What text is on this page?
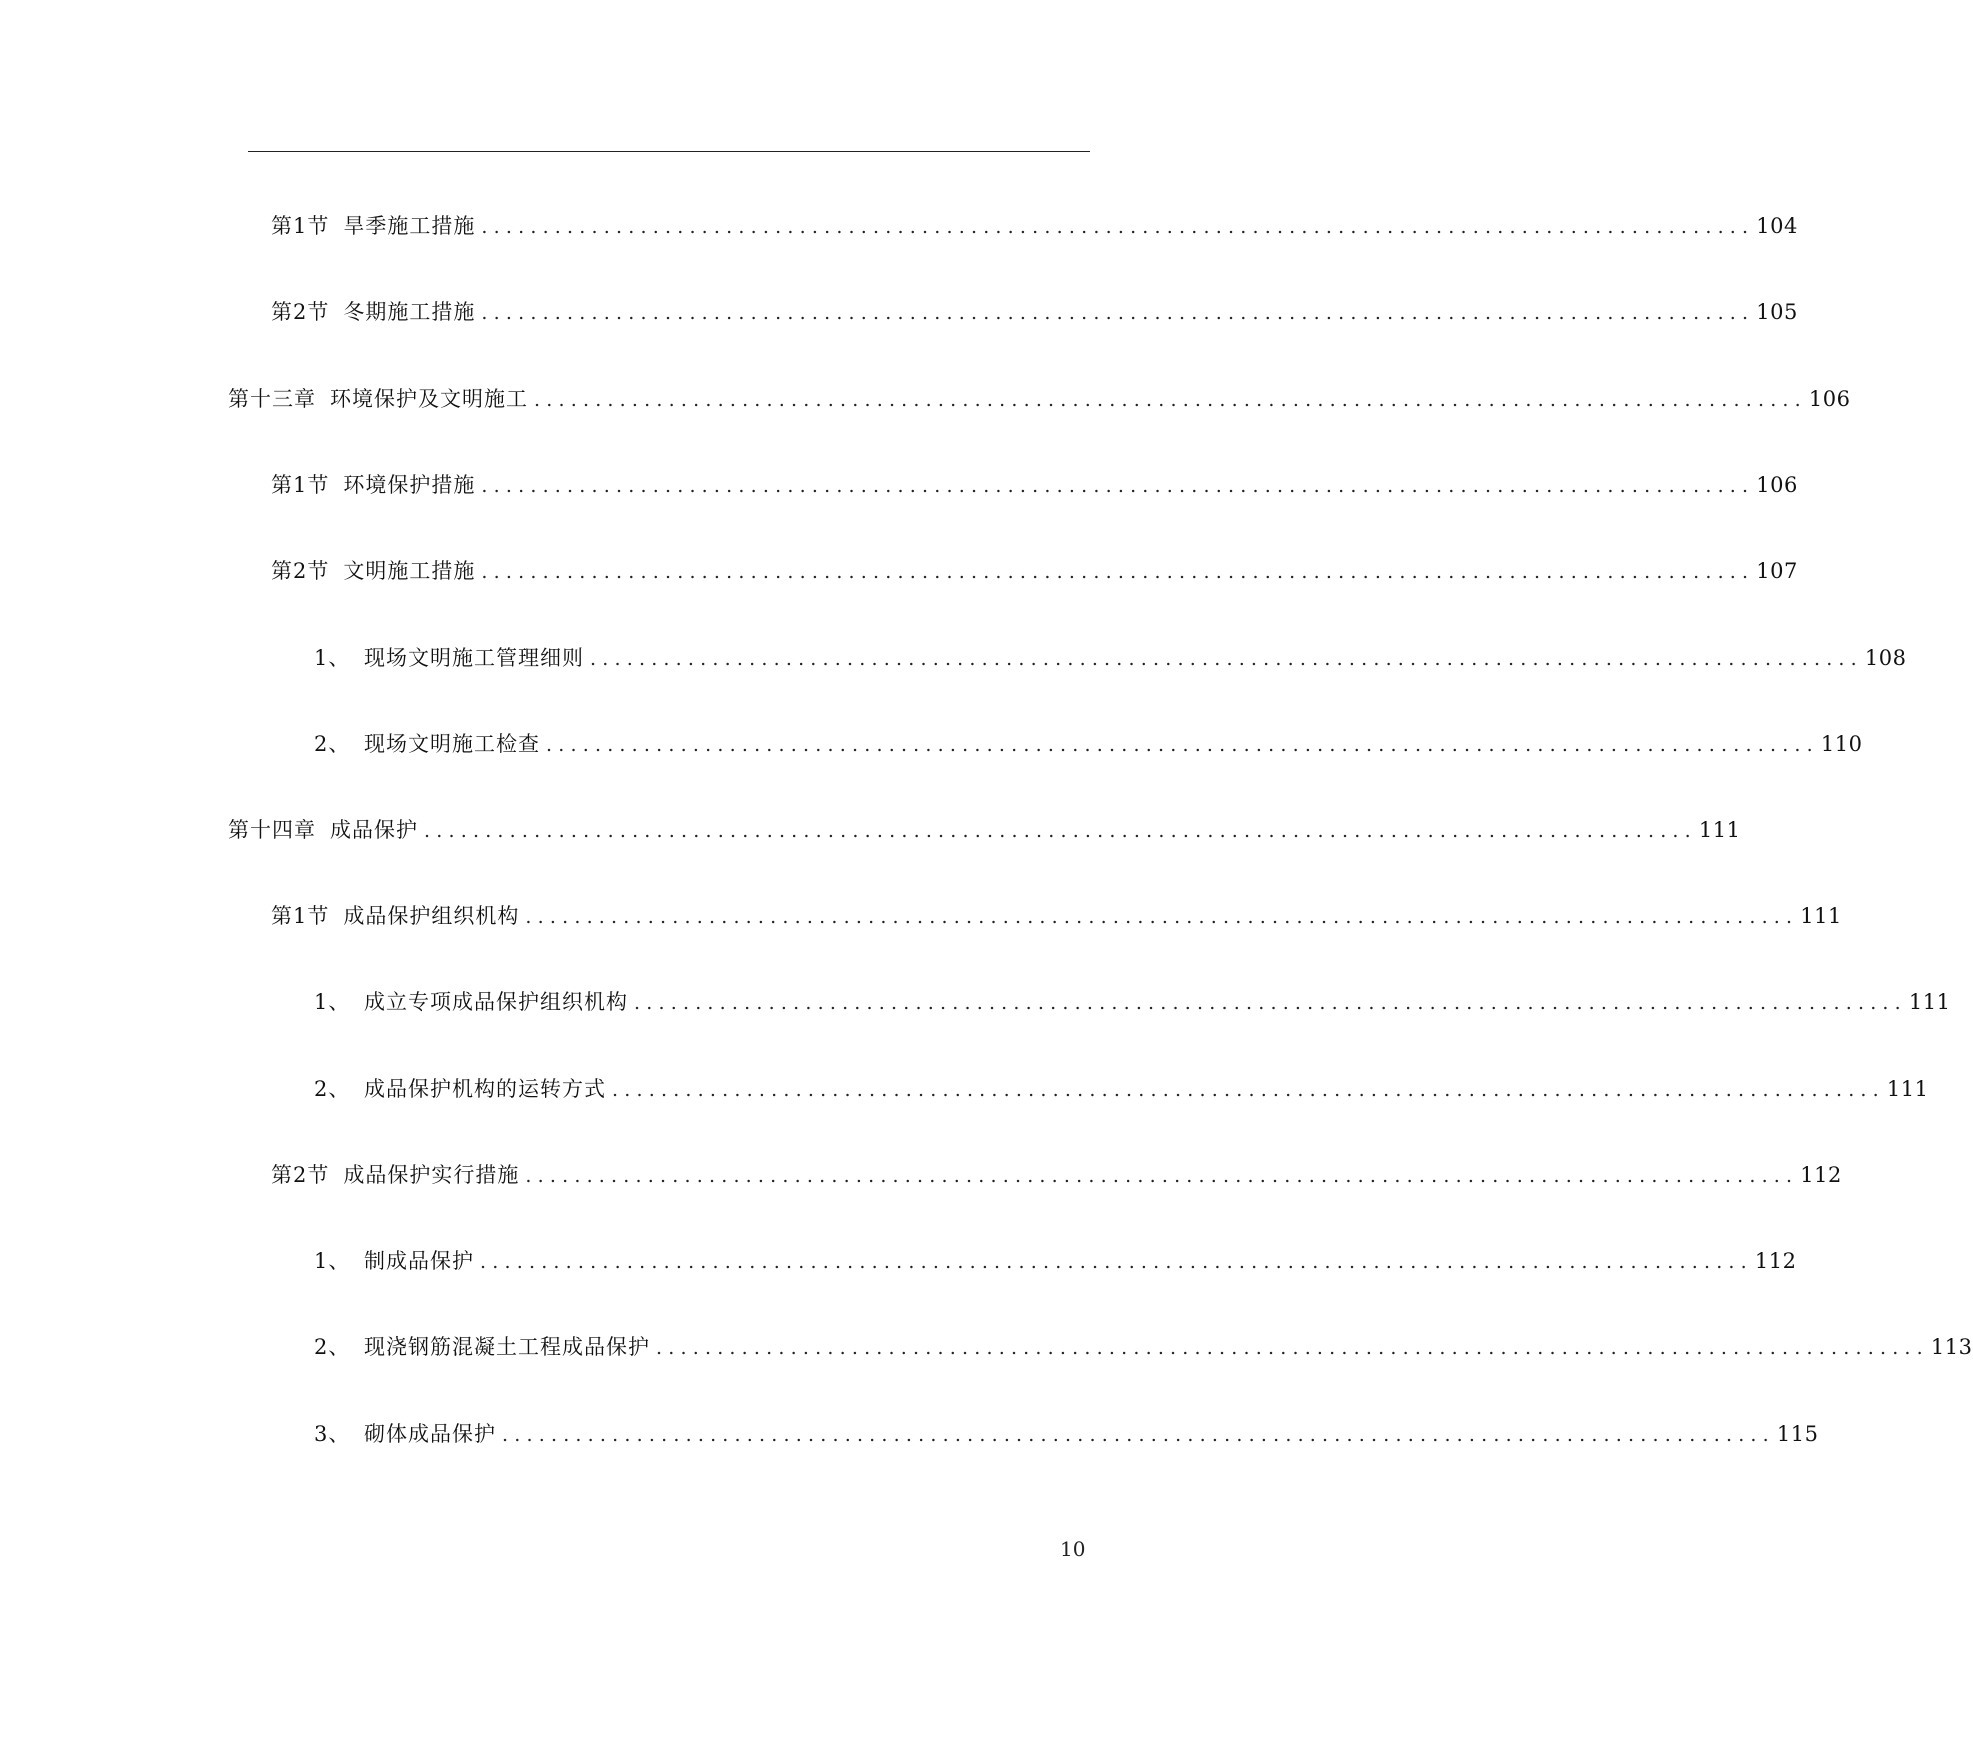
第1节 旱季施工措施 ........................................................................................................ 104
第2节 冬期施工措施 ........................................................................................................ 105
第十三章 环境保护及文明施工 ........................................................................................................ 106
第1节 环境保护措施 ........................................................................................................ 106
第2节 文明施工措施 ........................................................................................................ 107
1、 现场文明施工管理细则 ........................................................................................................ 108
2、 现场文明施工检查 ........................................................................................................ 110
第十四章 成品保护 ........................................................................................................ 111
第1节 成品保护组织机构 ........................................................................................................ 111
1、 成立专项成品保护组织机构 ........................................................................................................ 111
2、 成品保护机构的运转方式 ........................................................................................................ 111
第2节 成品保护实行措施 ........................................................................................................ 112
1、 制成品保护 ........................................................................................................ 112
2、 现浇钢筋混凝土工程成品保护 ........................................................................................................ 113
3、 砌体成品保护 ........................................................................................................ 115
10
